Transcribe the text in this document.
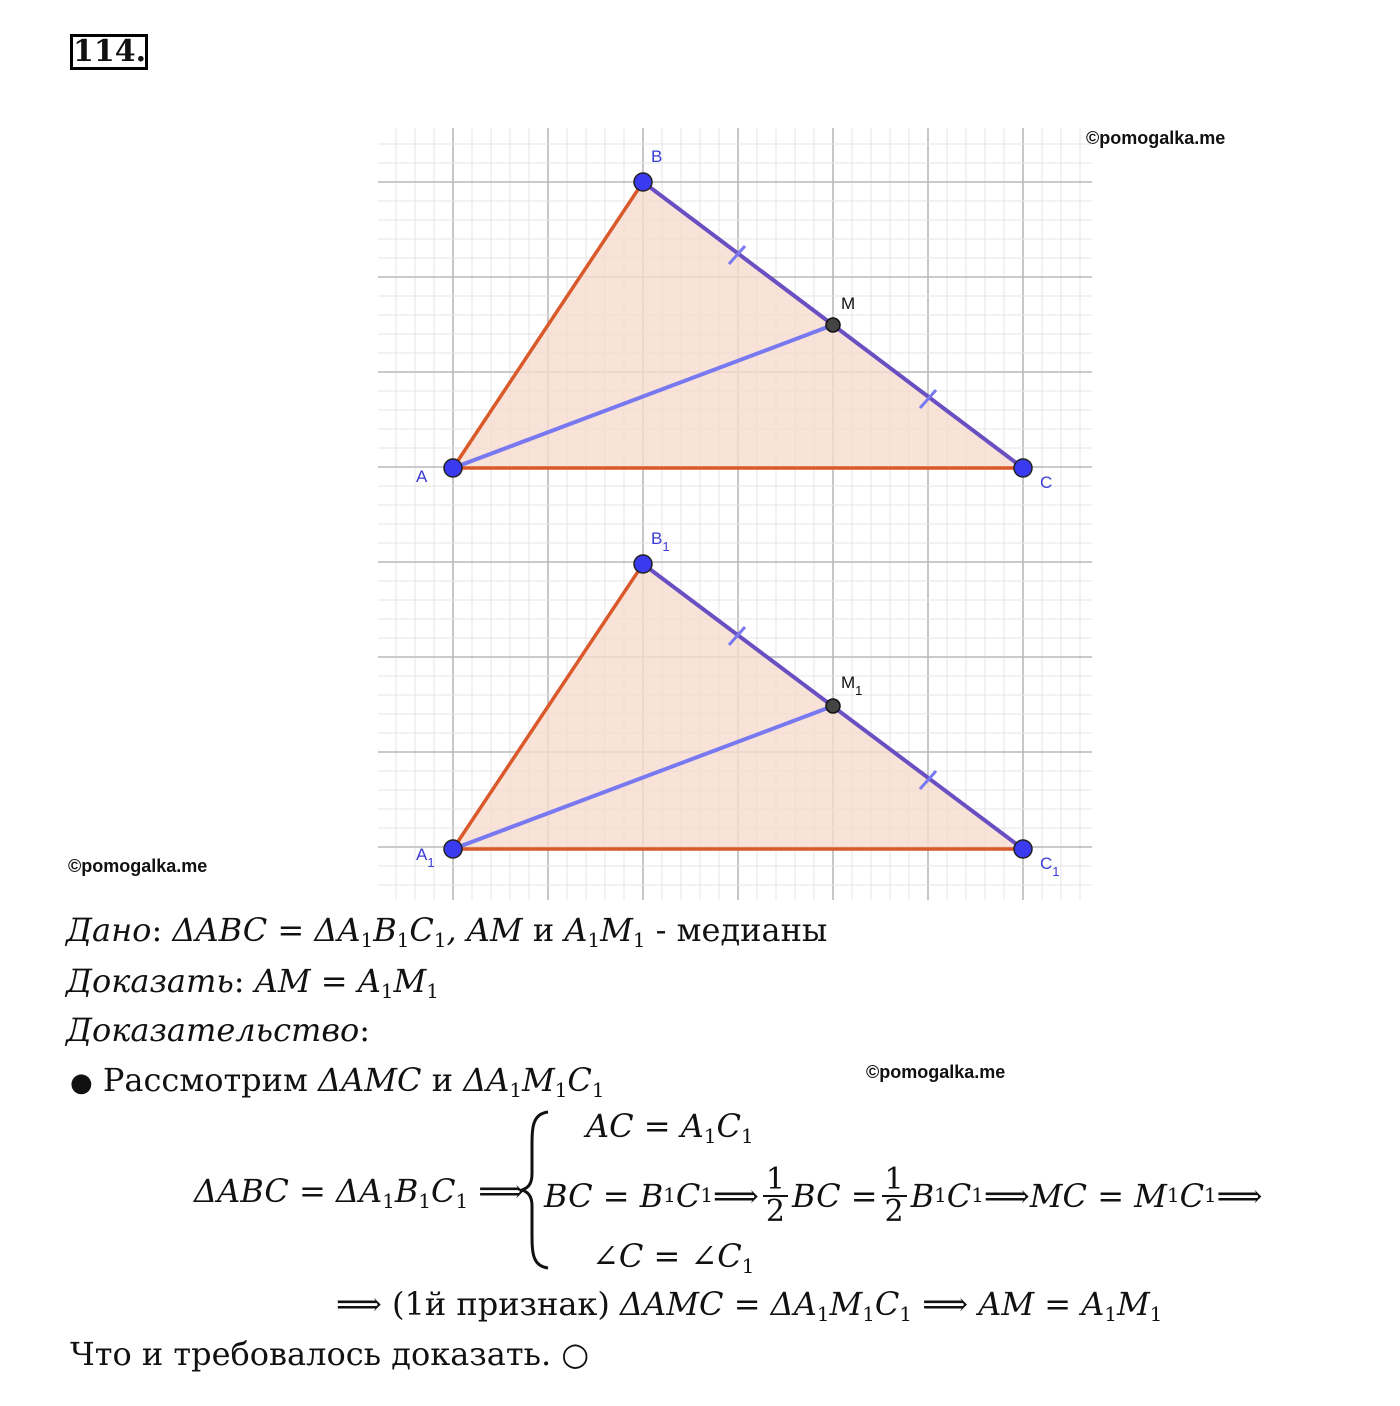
114.
©pomogalka.me
©pomogalka.me
©pomogalka.me
A
B
C
M
$A_1$
$B_1$
$C_1$
$M_1$
Дано: $\Delta ABC = \Delta A_1B_1C_1$, AM и $A_1M_1$ - медианы
Доказать: AM = $A_1M_1$
Доказательство:
● Рассмотрим ΔAMC и $\Delta A_1M_1C_1$
$\Delta ABC = \Delta A_1B_1C_1$ ⟹
AC = $A_1C_1$
BC = B 1 C 1 ⟹ $\frac{1}{2}$ BC = $\frac{1}{2}$ B 1 C 1 ⟹ MC = M 1 C 1 ⟹
∠C = $\angle C_1$
⟹ (1й признак) $\Delta AMC = \Delta A_1M_1C_1$ ⟹ AM = $A_1M_1$
Что и требовалось доказать. ○
